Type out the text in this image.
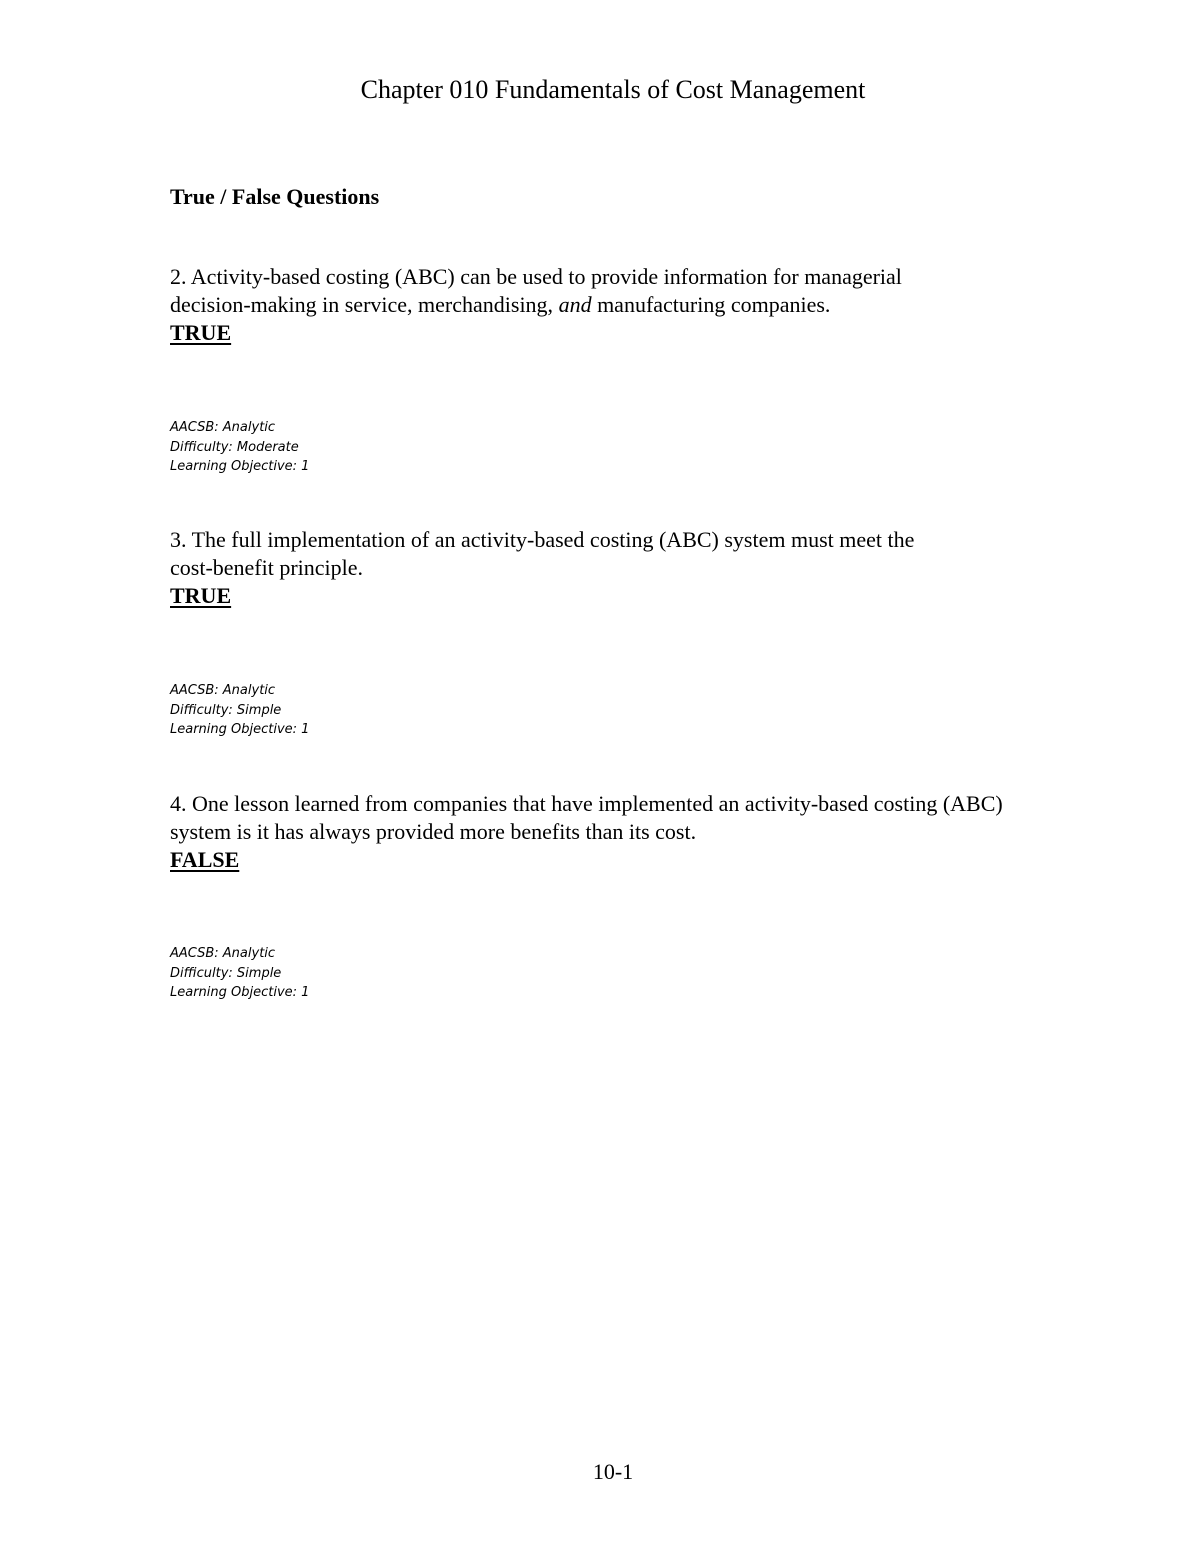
Chapter 010 Fundamentals of Cost Management
True / False Questions
2. Activity-based costing (ABC) can be used to provide information for managerial
decision-making in service, merchandising, and manufacturing companies.
TRUE
AACSB: Analytic
Difficulty: Moderate
Learning Objective: 1
3. The full implementation of an activity-based costing (ABC) system must meet the
cost-benefit principle.
TRUE
AACSB: Analytic
Difficulty: Simple
Learning Objective: 1
4. One lesson learned from companies that have implemented an activity-based costing (ABC)
system is it has always provided more benefits than its cost.
FALSE
AACSB: Analytic
Difficulty: Simple
Learning Objective: 1
10-1
